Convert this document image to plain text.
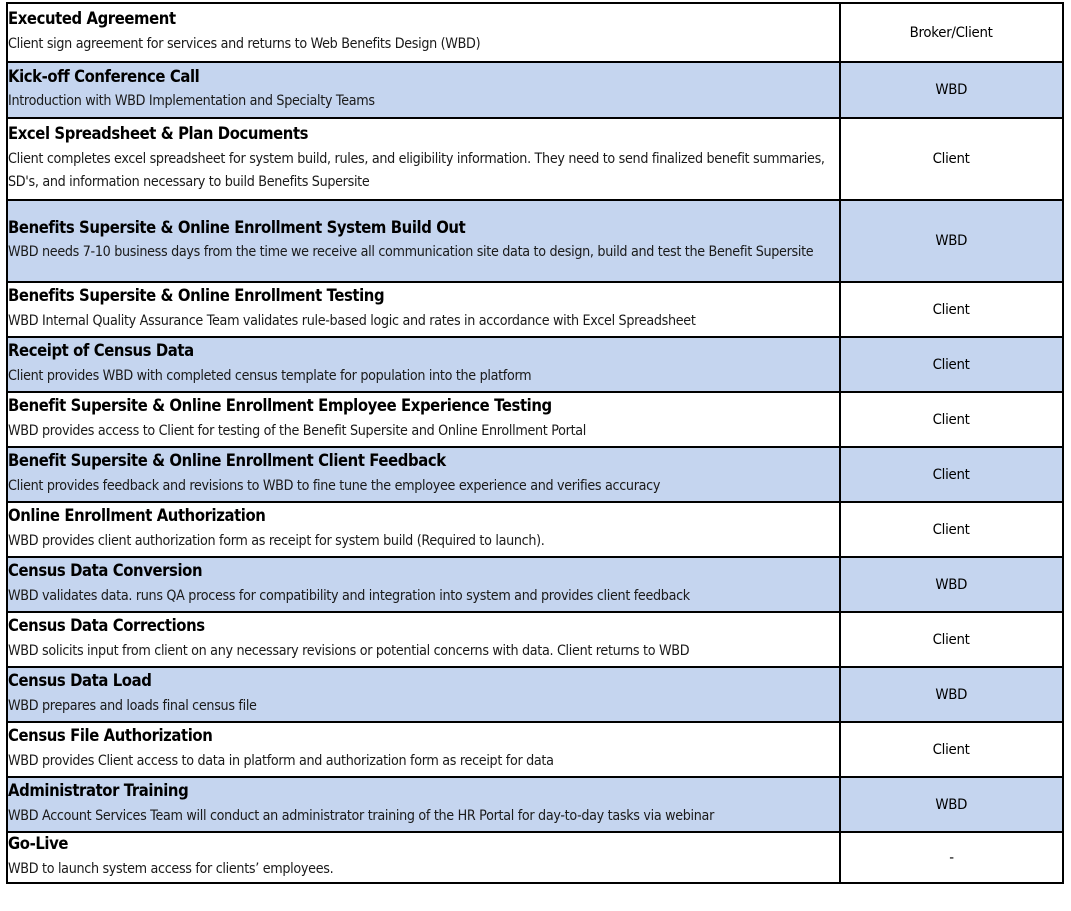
Executed Agreement
Client sign agreement for services and returns to Web Benefits Design (WBD)	Broker/Client

Kick-off Conference Call
Introduction with WBD Implementation and Specialty Teams	WBD

Excel Spreadsheet & Plan Documents
Client completes excel spreadsheet for system build, rules, and eligibility information. They need to send finalized benefit summaries, SD's, and information necessary to build Benefits Supersite	Client

Benefits Supersite & Online Enrollment System Build Out
WBD needs 7-10 business days from the time we receive all communication site data to design, build and test the Benefit Supersite	WBD

Benefits Supersite & Online Enrollment Testing
WBD Internal Quality Assurance Team validates rule-based logic and rates in accordance with Excel Spreadsheet	Client

Receipt of Census Data
Client provides WBD with completed census template for population into the platform	Client

Benefit Supersite & Online Enrollment Employee Experience Testing
WBD provides access to Client for testing of the Benefit Supersite and Online Enrollment Portal	Client

Benefit Supersite & Online Enrollment Client Feedback
Client provides feedback and revisions to WBD to fine tune the employee experience and verifies accuracy	Client

Online Enrollment Authorization
WBD provides client authorization form as receipt for system build (Required to launch).	Client

Census Data Conversion
WBD validates data. runs QA process for compatibility and integration into system and provides client feedback	WBD

Census Data Corrections
WBD solicits input from client on any necessary revisions or potential concerns with data. Client returns to WBD	Client

Census Data Load
WBD prepares and loads final census file	WBD

Census File Authorization
WBD provides Client access to data in platform and authorization form as receipt for data	Client

Administrator Training
WBD Account Services Team will conduct an administrator training of the HR Portal for day-to-day tasks via webinar	WBD

Go-Live
WBD to launch system access for clients’ employees.	-
